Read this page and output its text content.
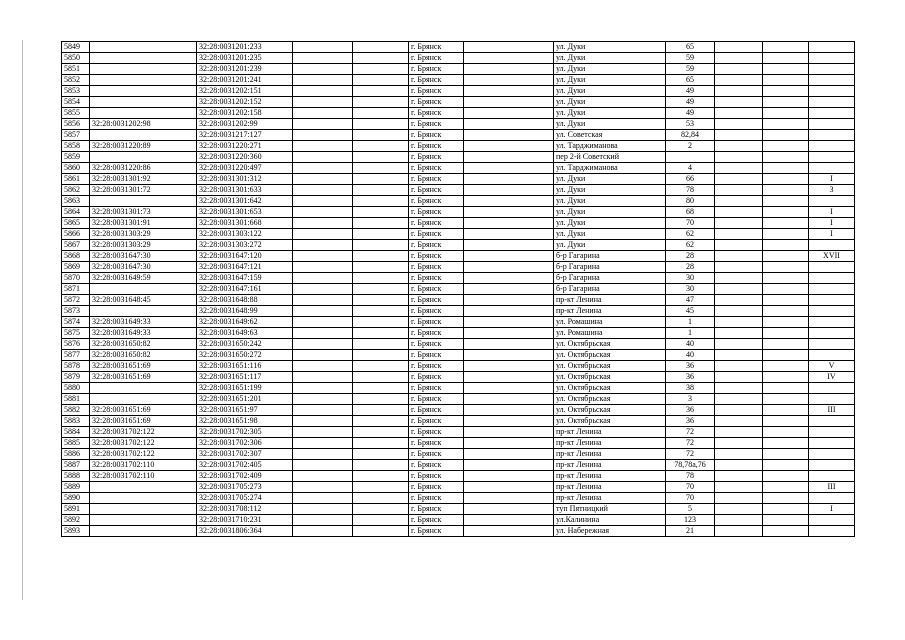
5849		32:28:0031201:233			г. Брянск		ул. Дуки	65			
5850		32:28:0031201:235			г. Брянск		ул. Дуки	59			
5851		32:28:0031201:239			г. Брянск		ул. Дуки	59			
5852		32:28:0031201:241			г. Брянск		ул. Дуки	65			
5853		32:28:0031202:151			г. Брянск		ул. Дуки	49			
5854		32:28:0031202:152			г. Брянск		ул. Дуки	49			
5855		32:28:0031202:158			г. Брянск		ул. Дуки	49			
5856	32:28:0031202:98	32:28:0031202:99			г. Брянск		ул. Дуки	53			
5857		32:28:0031217:127			г. Брянск		ул. Советская	82,84			
5858	32:28:0031220:89	32:28:0031220:271			г. Брянск		ул. Тарджиманова	2			
5859		32:28:0031220:360			г. Брянск		пер 2-й Советский				
5860	32:28:0031220:86	32:28:0031220:497			г. Брянск		ул. Тарджиманова	4			
5861	32:28:0031301:92	32:28:0031301:312			г. Брянск		ул. Дуки	66			I
5862	32:28:0031301:72	32:28:0031301:633			г. Брянск		ул. Дуки	78			3
5863		32:28:0031301:642			г. Брянск		ул. Дуки	80			
5864	32:28:0031301:73	32:28:0031301:653			г. Брянск		ул. Дуки	68			I
5865	32:28:0031301:91	32:28:0031301:668			г. Брянск		ул. Дуки	70			I
5866	32:28:0031303:29	32:28:0031303:122			г. Брянск		ул. Дуки	62			I
5867	32:28:0031303:29	32:28:0031303:272			г. Брянск		ул. Дуки	62			
5868	32:28:0031647:30	32:28:0031647:120			г. Брянск		б-р Гагарина	28			XVII
5869	32:28:0031647:30	32:28:0031647:121			г. Брянск		б-р Гагарина	28			
5870	32:28:0031649:59	32:28:0031647:159			г. Брянск		б-р Гагарина	30			
5871		32:28:0031647:161			г. Брянск		б-р Гагарина	30			
5872	32:28:0031648:45	32:28:0031648:88			г. Брянск		пр-кт Ленина	47			
5873		32:28:0031648:99			г. Брянск		пр-кт Ленина	45			
5874	32:28:0031649:33	32:28:0031649:62			г. Брянск		ул. Ромашина	1			
5875	32:28:0031649:33	32:28:0031649:63			г. Брянск		ул. Ромашина	1			
5876	32:28:0031650:82	32:28:0031650:242			г. Брянск		ул. Октябрьская	40			
5877	32:28:0031650:82	32:28:0031650:272			г. Брянск		ул. Октябрьская	40			
5878	32:28:0031651:69	32:28:0031651:116			г. Брянск		ул. Октябрьская	36			V
5879	32:28:0031651:69	32:28:0031651:117			г. Брянск		ул. Октябрьская	36			IV
5880		32:28:0031651:199			г. Брянск		ул. Октябрьская	38			
5881		32:28:0031651:201			г. Брянск		ул. Октябрьская	3			
5882	32:28:0031651:69	32:28:0031651:97			г. Брянск		ул. Октябрьская	36			III
5883	32:28:0031651:69	32:28:0031651:98			г. Брянск		ул. Октябрьская	36			
5884	32:28:0031702:122	32:28:0031702:305			г. Брянск		пр-кт Ленина	72			
5885	32:28:0031702:122	32:28:0031702:306			г. Брянск		пр-кт Ленина	72			
5886	32:28:0031702:122	32:28:0031702:307			г. Брянск		пр-кт Ленина	72			
5887	32:28:0031702:110	32:28:0031702:405			г. Брянск		пр-кт Ленина	78,78а,76			
5888	32:28:0031702:110	32:28:0031702:409			г. Брянск		пр-кт Ленина	78			
5889		32:28:0031705:273			г. Брянск		пр-кт Ленина	70			III
5890		32:28:0031705:274			г. Брянск		пр-кт Ленина	70			
5891		32:28:0031708:112			г. Брянск		туп Пятницкий	5			I
5892		32:28:0031710:231			г. Брянск		ул.Калинина	123			
5893		32:28:0031806:364			г. Брянск		ул. Набережная	21			
